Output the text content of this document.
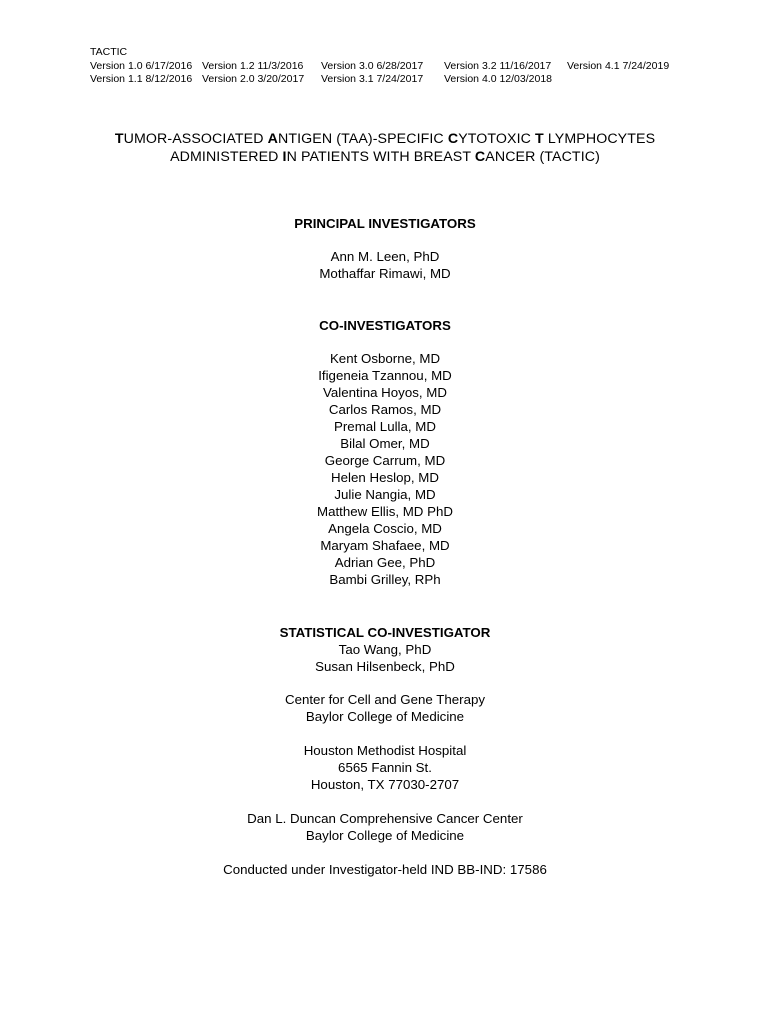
TACTIC
Version 1.0 6/17/2016
Version 1.1 8/12/2016
Version 1.2 11/3/2016
Version 2.0 3/20/2017
Version 3.0 6/28/2017
Version 3.1 7/24/2017
Version 3.2 11/16/2017
Version 4.0 12/03/2018
Version 4.1 7/24/2019
TUMOR-ASSOCIATED ANTIGEN (TAA)-SPECIFIC CYTOTOXIC T LYMPHOCYTES
ADMINISTERED IN PATIENTS WITH BREAST CANCER (TACTIC)
PRINCIPAL INVESTIGATORS
Ann M. Leen, PhD
Mothaffar Rimawi, MD
CO-INVESTIGATORS
Kent Osborne, MD
Ifigeneia Tzannou, MD
Valentina Hoyos, MD
Carlos Ramos, MD
Premal Lulla, MD
Bilal Omer, MD
George Carrum, MD
Helen Heslop, MD
Julie Nangia, MD
Matthew Ellis, MD PhD
Angela Coscio, MD
Maryam Shafaee, MD
Adrian Gee, PhD
Bambi Grilley, RPh
STATISTICAL CO-INVESTIGATOR
Tao Wang, PhD
Susan Hilsenbeck, PhD
Center for Cell and Gene Therapy
Baylor College of Medicine
Houston Methodist Hospital
6565 Fannin St.
Houston, TX 77030-2707
Dan L. Duncan Comprehensive Cancer Center
Baylor College of Medicine
Conducted under Investigator-held IND BB-IND: 17586
